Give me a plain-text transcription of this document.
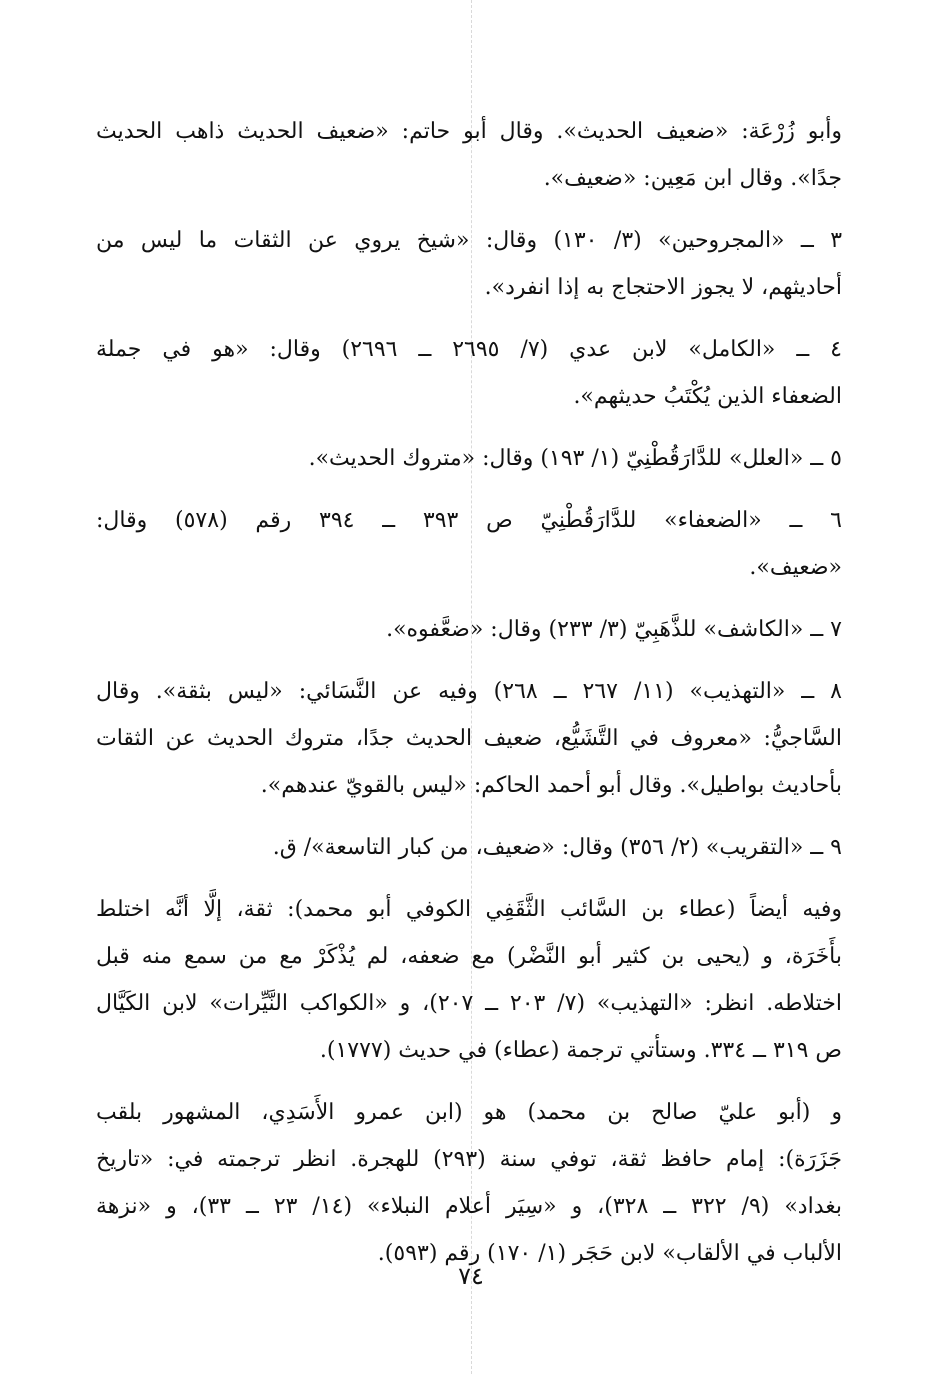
وأبو زُرْعَة: «ضعيف الحديث». وقال أبو حاتم: «ضعيف الحديث ذاهب الحديث
جدًا». وقال ابن مَعِين: «ضعيف».

٣ ــ «المجروحين» (٣/ ١٣٠) وقال: «شيخ يروي عن الثقات ما ليس من
أحاديثهم، لا يجوز الاحتجاج به إذا انفرد».

٤ ــ «الكامل» لابن عدي (٧/ ٢٦٩٥ ــ ٢٦٩٦) وقال: «هو في جملة
الضعفاء الذين يُكْتَبُ حديثهم».

٥ ــ «العلل» للدَّارَقُطْنِيّ (١/ ١٩٣) وقال: «متروك الحديث».

٦ ــ «الضعفاء» للدَّارَقُطْنِيّ ص ٣٩٣ ــ ٣٩٤ رقم (٥٧٨) وقال:
«ضعيف».

٧ ــ «الكاشف» للذَّهَبِيّ (٣/ ٢٣٣) وقال: «ضعَّفوه».

٨ ــ «التهذيب» (١١/ ٢٦٧ ــ ٢٦٨) وفيه عن النَّسَائي: «ليس بثقة». وقال
السَّاجيُّ: «معروف في التَّشَيُّع، ضعيف الحديث جدًا، متروك الحديث عن الثقات
بأحاديث بواطيل». وقال أبو أحمد الحاكم: «ليس بالقويّ عندهم».

٩ ــ «التقريب» (٢/ ٣٥٦) وقال: «ضعيف، من كبار التاسعة»/ ق.

وفيه أيضاً (عطاء بن السَّائب الثَّقَفِي الكوفي أبو محمد): ثقة، إلَّا أنَّه اختلط
بأَخَرَة، و (يحيى بن كثير أبو النَّضْر) مع ضعفه، لم يُذْكَرْ مع من سمع منه قبل
اختلاطه. انظر: «التهذيب» (٧/ ٢٠٣ ــ ٢٠٧)، و «الكواكب النَّيِّرات» لابن الكَيَّال
ص ٣١٩ ــ ٣٣٤. وستأتي ترجمة (عطاء) في حديث (١٧٧٧).

و (أبو عليّ صالح بن محمد) هو (ابن عمرو الأَسَدِي، المشهور بلقب
جَزَرَة): إمام حافظ ثقة، توفي سنة (٢٩٣) للهجرة. انظر ترجمته في: «تاريخ
بغداد» (٩/ ٣٢٢ ــ ٣٢٨)، و «سِيَر أعلام النبلاء» (١٤/ ٢٣ ــ ٣٣)، و «نزهة
الألباب في الألقاب» لابن حَجَر (١/ ١٧٠) رقم (٥٩٣).

٧٤
